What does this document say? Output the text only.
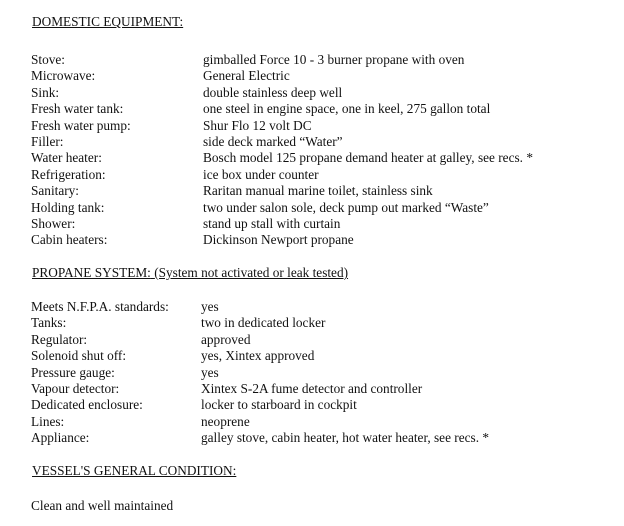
DOMESTIC EQUIPMENT:
Stove:	gimballed Force 10 - 3 burner propane with oven
Microwave:	General Electric
Sink:	double stainless deep well
Fresh water tank:	one steel in engine space, one in keel, 275 gallon total
Fresh water pump:	Shur Flo 12 volt DC
Filler:	side deck marked “Water”
Water heater:	Bosch model 125 propane demand heater at galley, see recs. *
Refrigeration:	ice box under counter
Sanitary:	Raritan manual marine toilet, stainless sink
Holding tank:	two under salon sole, deck pump out marked “Waste”
Shower:	stand up stall with curtain
Cabin heaters:	Dickinson Newport propane
PROPANE SYSTEM: (System not activated or leak tested)
Meets N.F.P.A. standards: yes
Tanks:	two in dedicated locker
Regulator:	approved
Solenoid shut off:	yes, Xintex approved
Pressure gauge:	yes
Vapour detector:	Xintex S-2A fume detector and controller
Dedicated enclosure:	locker to starboard in cockpit
Lines:	neoprene
Appliance:	galley stove, cabin heater, hot water heater, see recs. *
VESSEL'S GENERAL CONDITION:
Clean and well maintained
